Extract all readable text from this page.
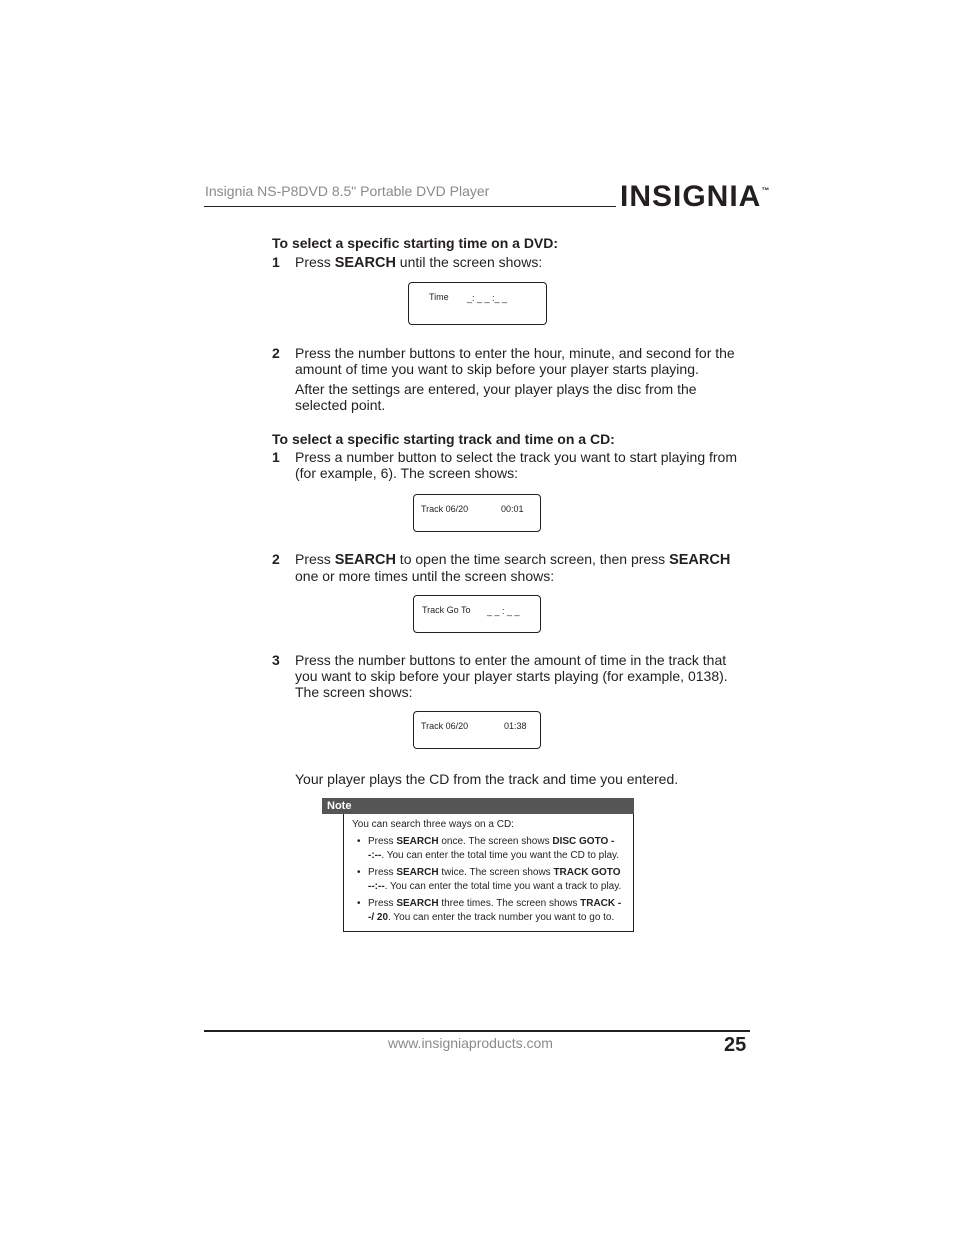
Insignia NS-P8DVD 8.5" Portable DVD Player	INSIGNIA™
To select a specific starting time on a DVD:
1 Press SEARCH until the screen shows:
Time _: _ _ :_ _
2 Press the number buttons to enter the hour, minute, and second for the amount of time you want to skip before your player starts playing.
After the settings are entered, your player plays the disc from the selected point.
To select a specific starting track and time on a CD:
1 Press a number button to select the track you want to start playing from (for example, 6). The screen shows:
Track 06/20	00:01
2 Press SEARCH to open the time search screen, then press SEARCH one or more times until the screen shows:
Track Go To _ _ : _ _
3 Press the number buttons to enter the amount of time in the track that you want to skip before your player starts playing (for example, 0138). The screen shows:
Track 06/20	01:38
Your player plays the CD from the track and time you entered.
Note
You can search three ways on a CD:
• Press SEARCH once. The screen shows DISC GOTO --:--. You can enter the total time you want the CD to play.
• Press SEARCH twice. The screen shows TRACK GOTO --:--. You can enter the total time you want a track to play.
• Press SEARCH three times. The screen shows TRACK --/ 20. You can enter the track number you want to go to.
www.insigniaproducts.com	25
